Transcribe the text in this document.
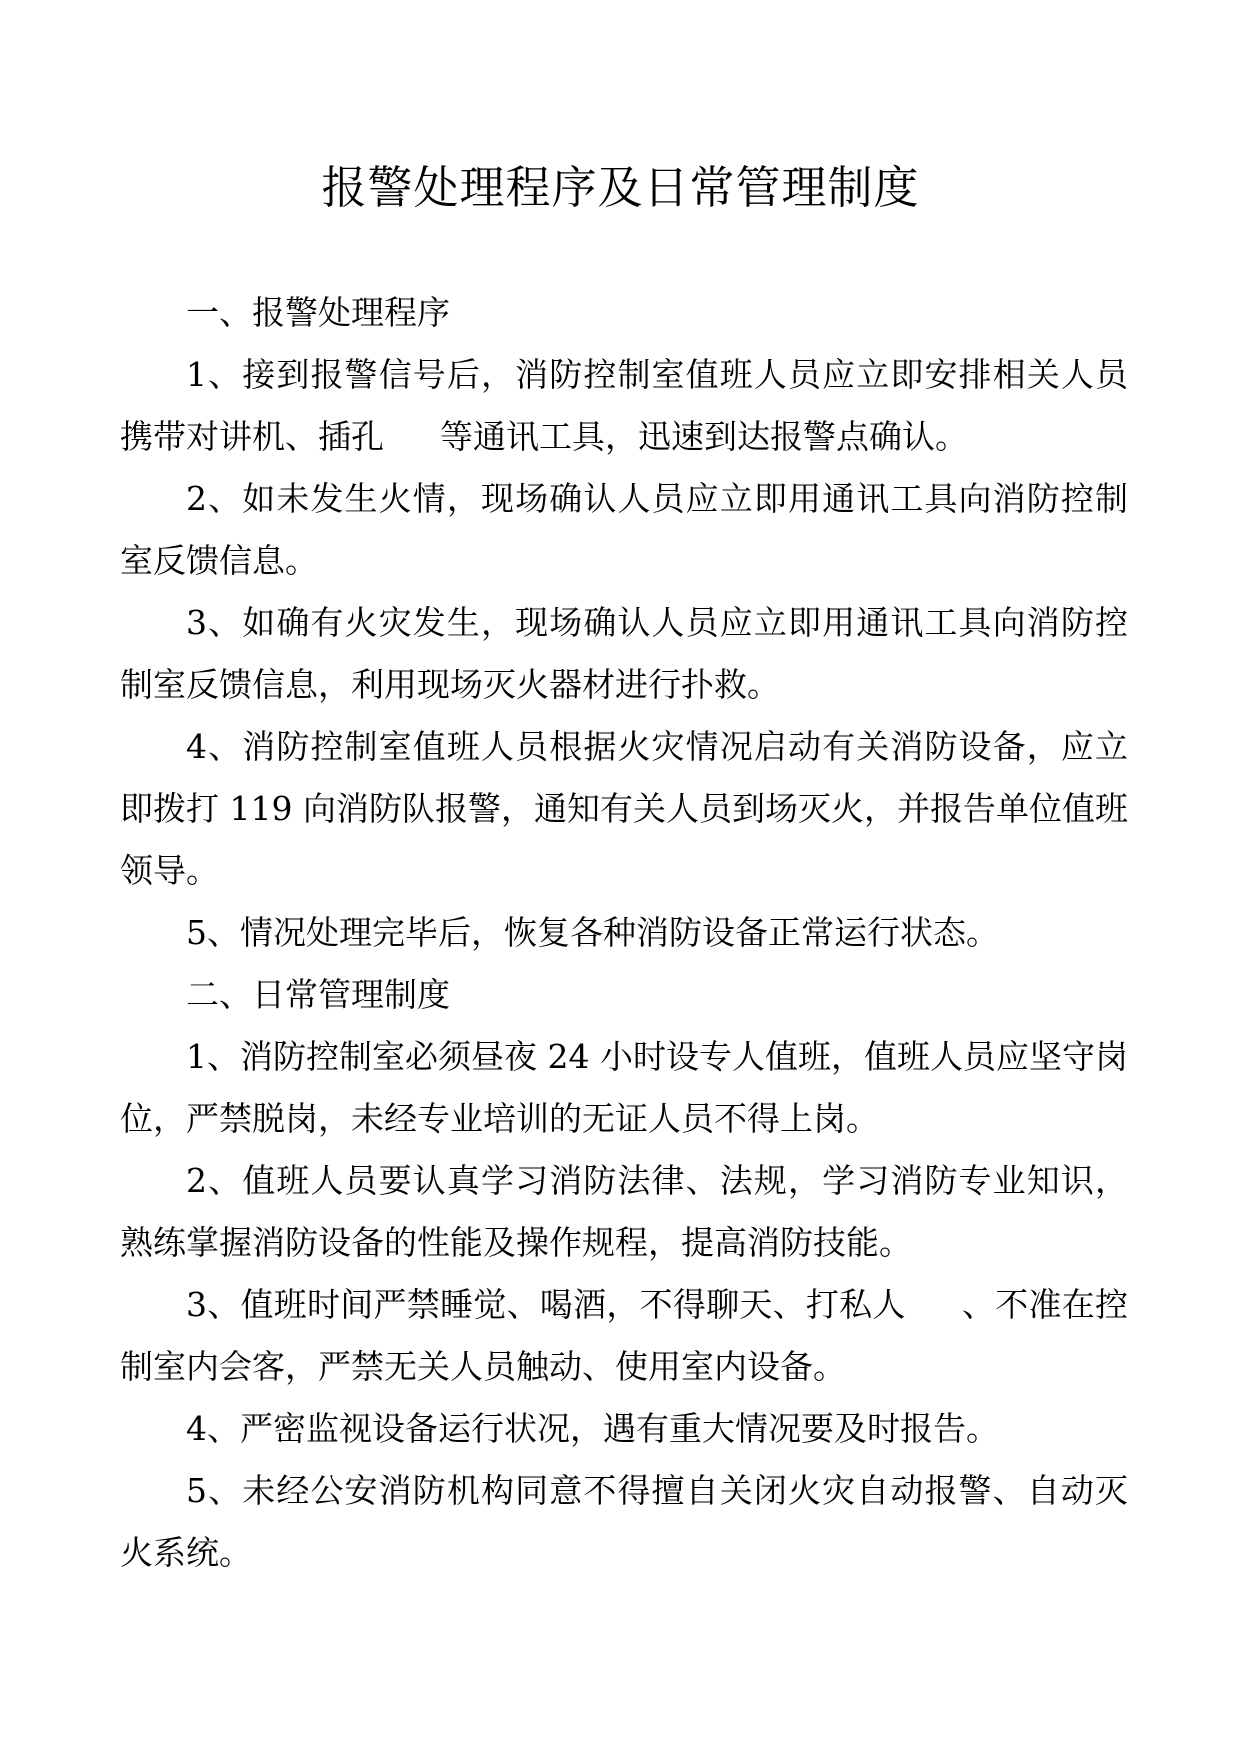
报警处理程序及日常管理制度

一、报警处理程序

1、接到报警信号后，消防控制室值班人员应立即安排相关人员携带对讲机、插孔 等通讯工具，迅速到达报警点确认。

2、如未发生火情，现场确认人员应立即用通讯工具向消防控制室反馈信息。

3、如确有火灾发生，现场确认人员应立即用通讯工具向消防控制室反馈信息，利用现场灭火器材进行扑救。

4、消防控制室值班人员根据火灾情况启动有关消防设备，应立即拨打 119 向消防队报警，通知有关人员到场灭火，并报告单位值班领导。

5、情况处理完毕后，恢复各种消防设备正常运行状态。

二、日常管理制度

1、消防控制室必须昼夜 24 小时设专人值班，值班人员应坚守岗位，严禁脱岗，未经专业培训的无证人员不得上岗。

2、值班人员要认真学习消防法律、法规，学习消防专业知识，熟练掌握消防设备的性能及操作规程，提高消防技能。

3、值班时间严禁睡觉、喝酒，不得聊天、打私人 、不准在控制室内会客，严禁无关人员触动、使用室内设备。

4、严密监视设备运行状况，遇有重大情况要及时报告。

5、未经公安消防机构同意不得擅自关闭火灾自动报警、自动灭火系统。
